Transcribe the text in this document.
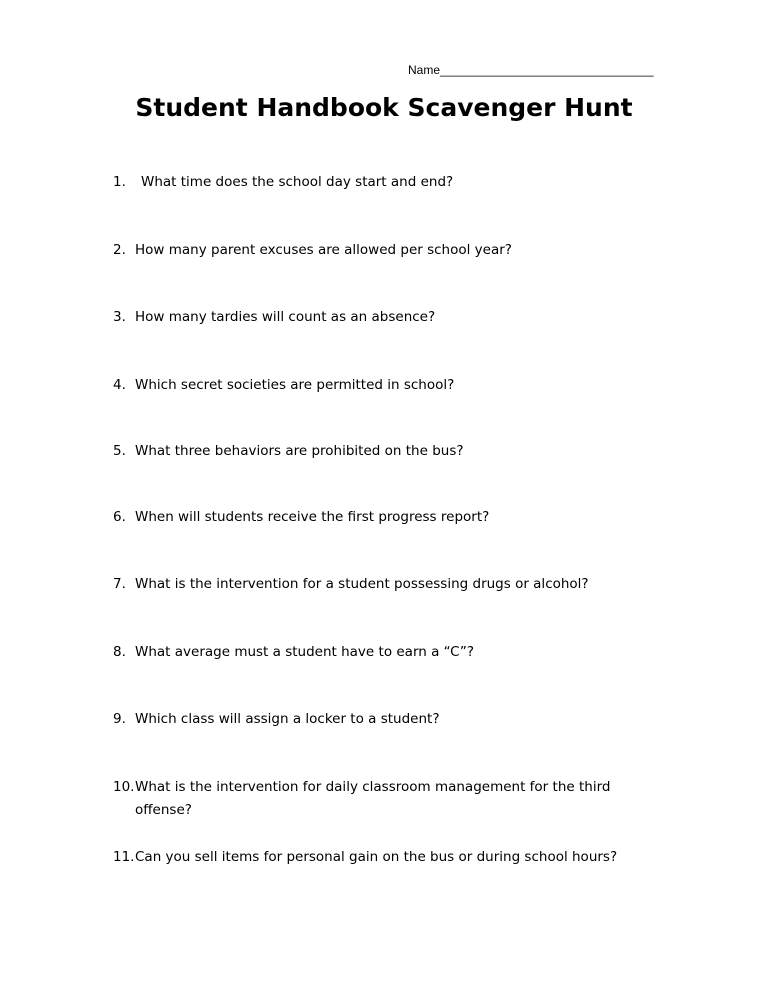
Name________________________________
Student Handbook Scavenger Hunt
1.	What time does the school day start and end?
2. How many parent excuses are allowed per school year?
3. How many tardies will count as an absence?
4. Which secret societies are permitted in school?
5. What three behaviors are prohibited on the bus?
6. When will students receive the first progress report?
7. What is the intervention for a student possessing drugs or alcohol?
8. What average must a student have to earn a “C”?
9. Which class will assign a locker to a student?
10. What is the intervention for daily classroom management for the third offense?
11. Can you sell items for personal gain on the bus or during school hours?
